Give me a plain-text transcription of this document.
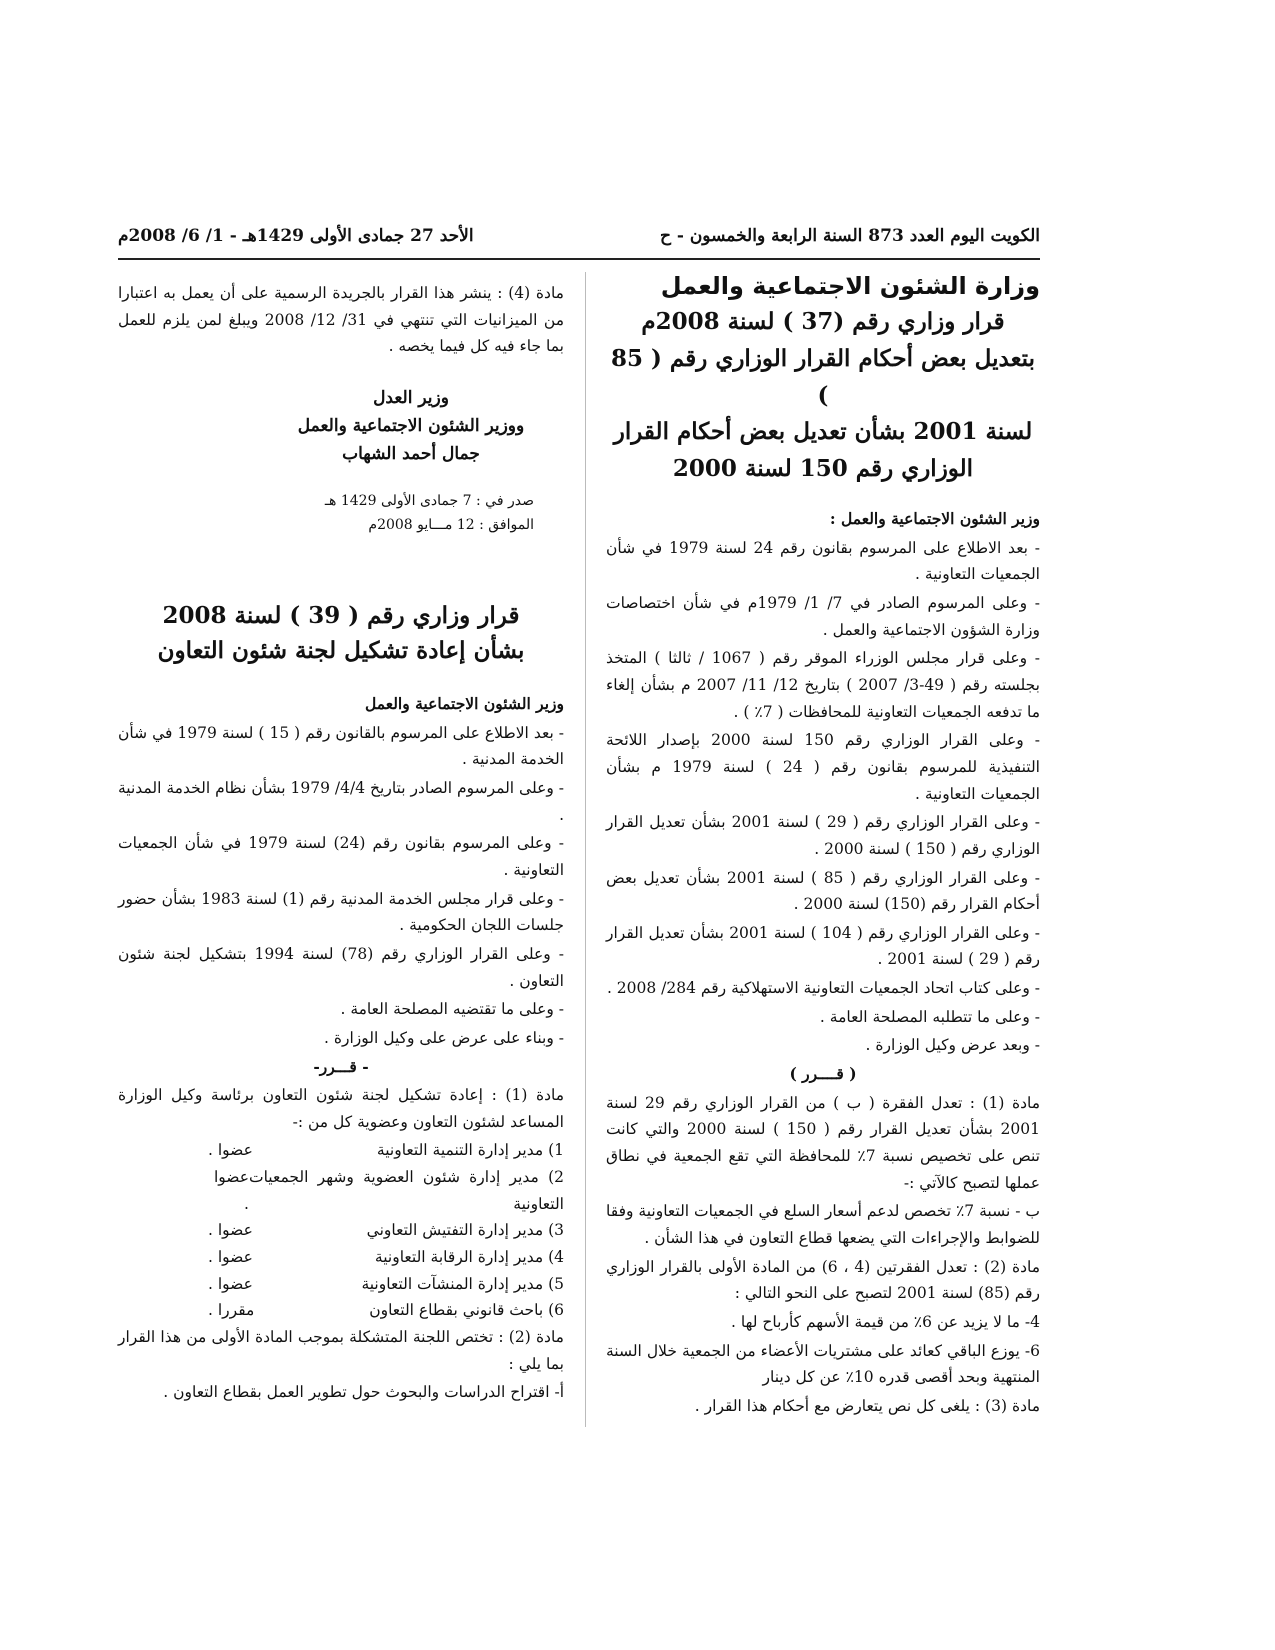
الكويت اليوم العدد 873 السنة الرابعة والخمسون - ح
الأحد 27 جمادى الأولى 1429هـ - 1/ 6/ 2008م
وزارة الشئون الاجتماعية والعمل
قرار وزاري رقم (37 ) لسنة 2008م
بتعديل بعض أحكام القرار الوزاري رقم ( 85 )
لسنة 2001 بشأن تعديل بعض أحكام القرار
الوزاري رقم 150 لسنة 2000

وزير الشئون الاجتماعية والعمل :

- بعد الاطلاع على المرسوم بقانون رقم 24 لسنة 1979 في شأن الجمعيات التعاونية .

- وعلى المرسوم الصادر في 7/ 1/ 1979م في شأن اختصاصات وزارة الشؤون الاجتماعية والعمل .

- وعلى قرار مجلس الوزراء الموقر رقم ( 1067 / ثالثا ) المتخذ بجلسته رقم ( 49-3/ 2007 ) بتاريخ 12/ 11/ 2007 م بشأن إلغاء ما تدفعه الجمعيات التعاونية للمحافظات ( 7٪ ) .

- وعلى القرار الوزاري رقم 150 لسنة 2000 بإصدار اللائحة التنفيذية للمرسوم بقانون رقم ( 24 ) لسنة 1979 م بشأن الجمعيات التعاونية .

- وعلى القرار الوزاري رقم ( 29 ) لسنة 2001 بشأن تعديل القرار الوزاري رقم ( 150 ) لسنة 2000 .

- وعلى القرار الوزاري رقم ( 85 ) لسنة 2001 بشأن تعديل بعض أحكام القرار رقم (150) لسنة 2000 .

- وعلى القرار الوزاري رقم ( 104 ) لسنة 2001 بشأن تعديل القرار رقم ( 29 ) لسنة 2001 .

- وعلى كتاب اتحاد الجمعيات التعاونية الاستهلاكية رقم 284/ 2008 .

- وعلى ما تتطلبه المصلحة العامة .

- وبعد عرض وكيل الوزارة .

( قــــرر )

مادة (1) : تعدل الفقرة ( ب ) من القرار الوزاري رقم 29 لسنة 2001 بشأن تعديل القرار رقم ( 150 ) لسنة 2000 والتي كانت تنص على تخصيص نسبة 7٪ للمحافظة التي تقع الجمعية في نطاق عملها لتصبح كالآتي :-

ب - نسبة 7٪ تخصص لدعم أسعار السلع في الجمعيات التعاونية وفقا للضوابط والإجراءات التي يضعها قطاع التعاون في هذا الشأن .

مادة (2) : تعدل الفقرتين (4 ، 6) من المادة الأولى بالقرار الوزاري رقم (85) لسنة 2001 لتصبح على النحو التالي :

4- ما لا يزيد عن 6٪ من قيمة الأسهم كأرباح لها .

6- يوزع الباقي كعائد على مشتريات الأعضاء من الجمعية خلال السنة المنتهية وبحد أقصى قدره 10٪ عن كل دينار

مادة (3) : يلغى كل نص يتعارض مع أحكام هذا القرار .

مادة (4) : ينشر هذا القرار بالجريدة الرسمية على أن يعمل به اعتبارا من الميزانيات التي تنتهي في 31/ 12/ 2008 ويبلغ لمن يلزم للعمل بما جاء فيه كل فيما يخصه .

وزير العدل

ووزير الشئون الاجتماعية والعمل

جمال أحمد الشهاب

صدر في : 7 جمادى الأولى 1429 هـ

الموافق : 12 مـــايو 2008م

قرار وزاري رقم ( 39 ) لسنة 2008
بشأن إعادة تشكيل لجنة شئون التعاون

وزير الشئون الاجتماعية والعمل

- بعد الاطلاع على المرسوم بالقانون رقم ( 15 ) لسنة 1979 في شأن الخدمة المدنية .

- وعلى المرسوم الصادر بتاريخ 4/4/ 1979 بشأن نظام الخدمة المدنية .

- وعلى المرسوم بقانون رقم (24) لسنة 1979 في شأن الجمعيات التعاونية .

- وعلى قرار مجلس الخدمة المدنية رقم (1) لسنة 1983 بشأن حضور جلسات اللجان الحكومية .

- وعلى القرار الوزاري رقم (78) لسنة 1994 بتشكيل لجنة شئون التعاون .

- وعلى ما تقتضيه المصلحة العامة .

- وبناء على عرض على وكيل الوزارة .

- قـــرر-

مادة (1) : إعادة تشكيل لجنة شئون التعاون برئاسة وكيل الوزارة المساعد لشئون التعاون وعضوية كل من :-

1) مدير إدارة التنمية التعاونية
عضوا .
2) مدير إدارة شئون العضوية وشهر الجمعيات التعاونية
عضوا .
3) مدير إدارة التفتيش التعاوني
عضوا .
4) مدير إدارة الرقابة التعاونية
عضوا .
5) مدير إدارة المنشآت التعاونية
عضوا .
6) باحث قانوني بقطاع التعاون
مقررا .

مادة (2) : تختص اللجنة المتشكلة بموجب المادة الأولى من هذا القرار بما يلي :

أ- اقتراح الدراسات والبحوث حول تطوير العمل بقطاع التعاون .
